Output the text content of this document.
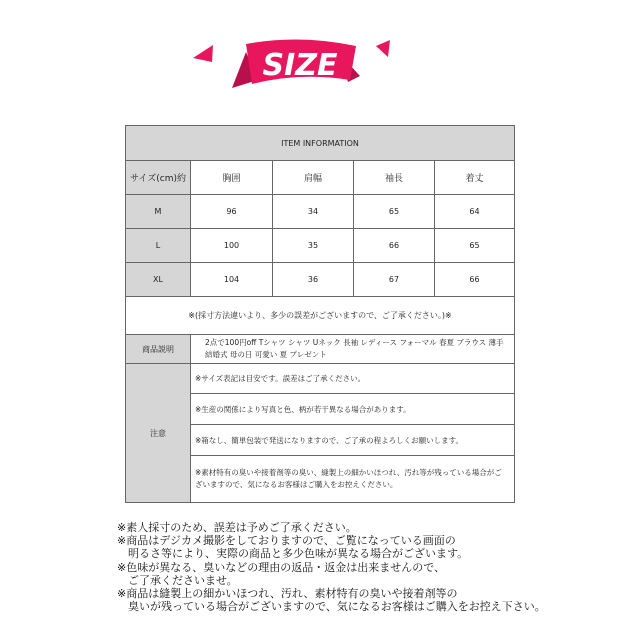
SIZE
ITEM INFORMATION				
サイズ(cm)約	胸囲	肩幅	袖長	着丈
M	96	34	65	64
L	100	35	66	65
XL	104	36	67	66
※(採寸方法違いより、多少の誤差がございますので、ご了承ください。)※				
商品説明	2点で100円off Tシャツ シャツ Uネック 長袖 レディース フォーマル 春夏 ブラウス 薄手 結婚式 母の日 可愛い 夏 プレゼント			
注意	※サイズ表記は目安です。誤差はご了承ください。
※生産の関係により写真と色、柄が若干異なる場合があります。
※箱なし、簡単包装で発送になりますので、ご了承の程よろしくお願いします。
※素材特有の臭いや接着剤等の臭い、縫製上の細かいほつれ、汚れ等が残っている場合がございますので、気になるお客様はご購入をお控えください。			
※素人採寸のため、誤差は予めご了承ください。
※商品はデジカメ撮影をしておりますので、ご覧になっている画面の
　明るさ等により、実際の商品と多少色味が異なる場合がございます。
※色味が異なる、臭いなどの理由の返品・返金は出来ませんので、
　ご了承くださいませ。
※商品は縫製上の細かいほつれ、汚れ、素材特有の臭いや接着剤等の
　臭いが残っている場合がございますので、気になるお客様はご購入をお控え下さい。
